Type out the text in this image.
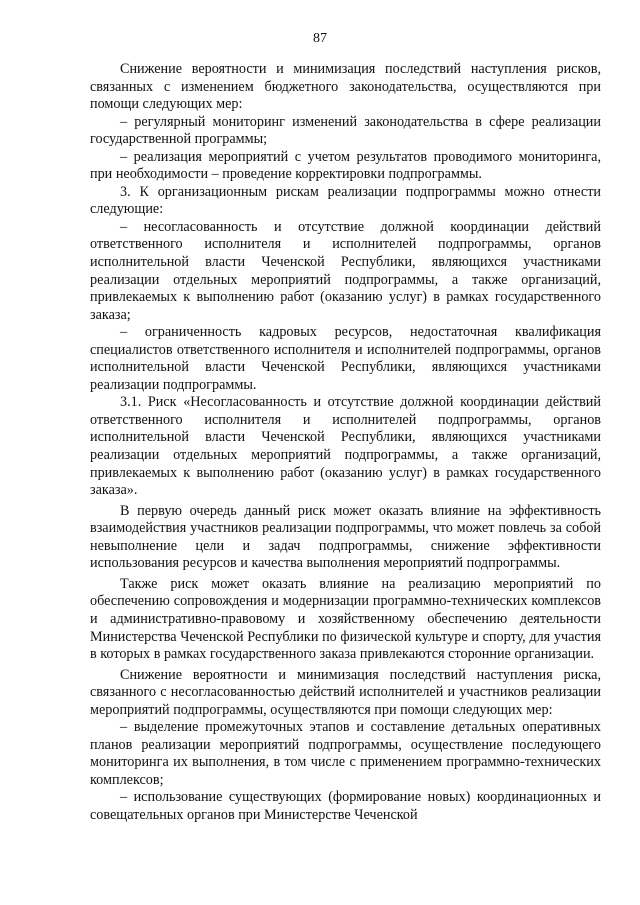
87

Снижение вероятности и минимизация последствий наступления рисков, связанных с изменением бюджетного законодательства, осуществляются при помощи следующих мер:

– регулярный мониторинг изменений законодательства в сфере реализации государственной программы;

– реализация мероприятий с учетом результатов проводимого мониторинга, при необходимости – проведение корректировки подпрограммы.

3. К организационным рискам реализации подпрограммы можно отнести следующие:

– несогласованность и отсутствие должной координации действий ответственного исполнителя и исполнителей подпрограммы, органов исполнительной власти Чеченской Республики, являющихся участниками реализации отдельных мероприятий подпрограммы, а также организаций, привлекаемых к выполнению работ (оказанию услуг) в рамках государственного заказа;

– ограниченность кадровых ресурсов, недостаточная квалификация специалистов ответственного исполнителя и исполнителей подпрограммы, органов исполнительной власти Чеченской Республики, являющихся участниками реализации подпрограммы.

3.1. Риск «Несогласованность и отсутствие должной координации действий ответственного исполнителя и исполнителей подпрограммы, органов исполнительной власти Чеченской Республики, являющихся участниками реализации отдельных мероприятий подпрограммы, а также организаций, привлекаемых к выполнению работ (оказанию услуг) в рамках государственного заказа».

В первую очередь данный риск может оказать влияние на эффективность взаимодействия участников реализации подпрограммы, что может повлечь за собой невыполнение цели и задач подпрограммы, снижение эффективности использования ресурсов и качества выполнения мероприятий подпрограммы.

Также риск может оказать влияние на реализацию мероприятий по обеспечению сопровождения и модернизации программно-технических комплексов и административно-правовому и хозяйственному обеспечению деятельности Министерства Чеченской Республики по физической культуре и спорту, для участия в которых в рамках государственного заказа привлекаются сторонние организации.

Снижение вероятности и минимизация последствий наступления риска, связанного с несогласованностью действий исполнителей и участников реализации мероприятий подпрограммы, осуществляются при помощи следующих мер:

– выделение промежуточных этапов и составление детальных оперативных планов реализации мероприятий подпрограммы, осуществление последующего мониторинга их выполнения, в том числе с применением программно-технических комплексов;

– использование существующих (формирование новых) координационных и совещательных органов при Министерстве Чеченской
